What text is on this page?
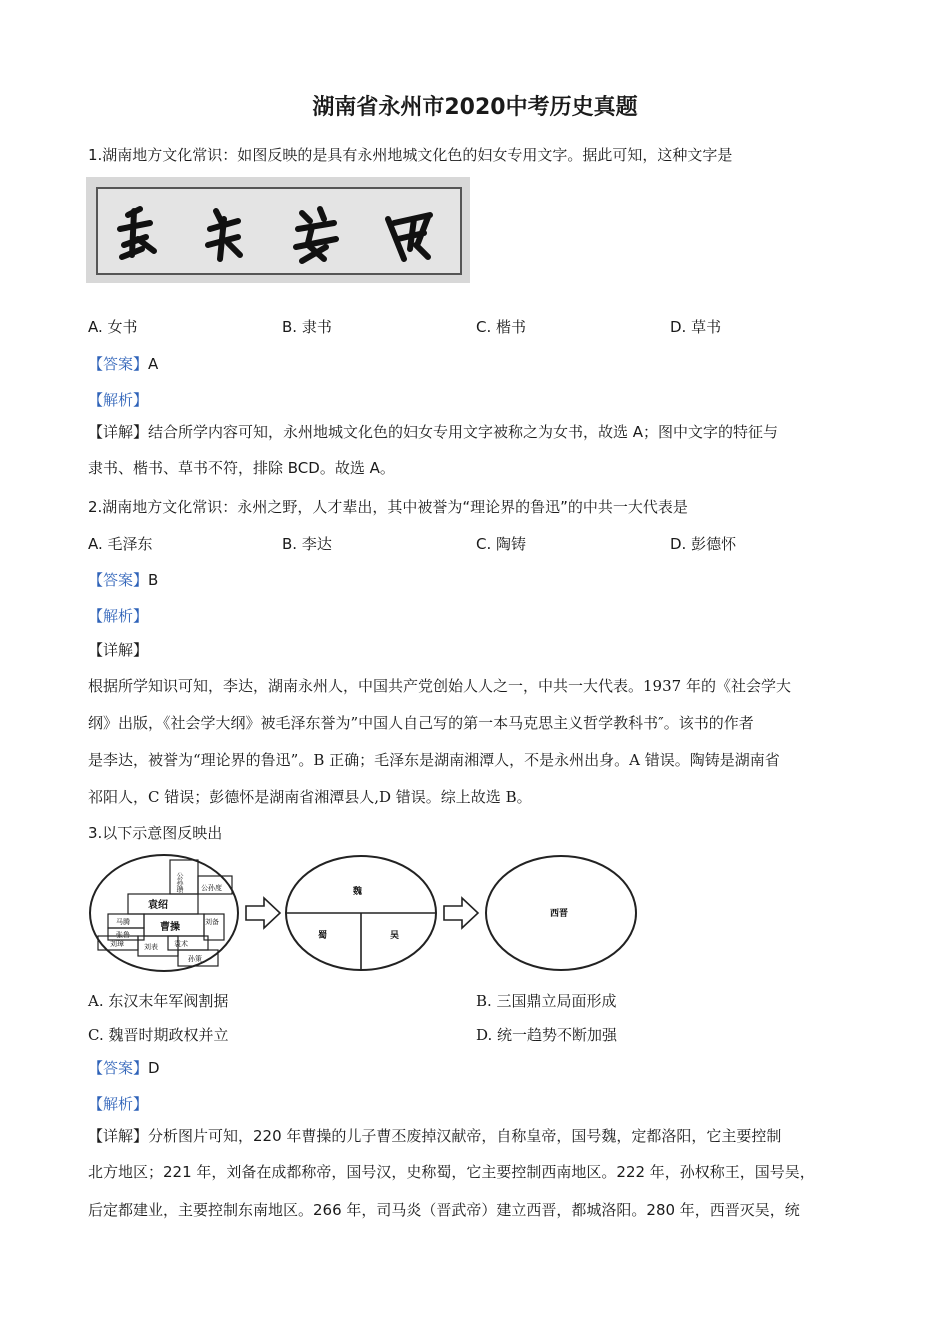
湖南省永州市2020中考历史真题
1.湖南地方文化常识：如图反映的是具有永州地城文化色的妇女专用文字。据此可知，这种文字是
A. 女书	B. 隶书	C. 楷书	D. 草书
【答案】A
【解析】
【详解】结合所学内容可知，永州地城文化色的妇女专用文字被称之为女书，故选 A；图中文字的特征与
隶书、楷书、草书不符，排除 BCD。故选 A。
2.湖南地方文化常识：永州之野，人才辈出，其中被誉为“理论界的鲁迅”的中共一大代表是
A. 毛泽东	B. 李达	C. 陶铸	D. 彭德怀
【答案】B
【解析】
【详解】
根据所学知识可知，李达，湖南永州人，中国共产党创始人人之一，中共一大代表。1937 年的《社会学大
纲》出版，《社会学大纲》被毛泽东誉为”中国人自己写的第一本马克思主义哲学教科书″。该书的作者
是李达，被誉为“理论界的鲁迅”。B 正确；毛泽东是湖南湘潭人，不是永州出身。A 错误。陶铸是湖南省
祁阳人，C 错误；彭德怀是湖南省湘潭县人,D 错误。综上故选 B。
3.以下示意图反映出
公孙瓒 公孙度
袁绍
曹操
马腾
张鲁
刘璋	刘表 袁术
孙策
刘备
魏
蜀	吴
西晋
A. 东汉末年军阀割据	B. 三国鼎立局面形成
C. 魏晋时期政权并立	D. 统一趋势不断加强
【答案】D
【解析】
【详解】分析图片可知，220 年曹操的儿子曹丕废掉汉献帝，自称皇帝，国号魏，定都洛阳，它主要控制
北方地区；221 年，刘备在成都称帝，国号汉，史称蜀，它主要控制西南地区。222 年，孙权称王，国号吴，
后定都建业，主要控制东南地区。266 年，司马炎（晋武帝）建立西晋，都城洛阳。280 年，西晋灭吴，统
